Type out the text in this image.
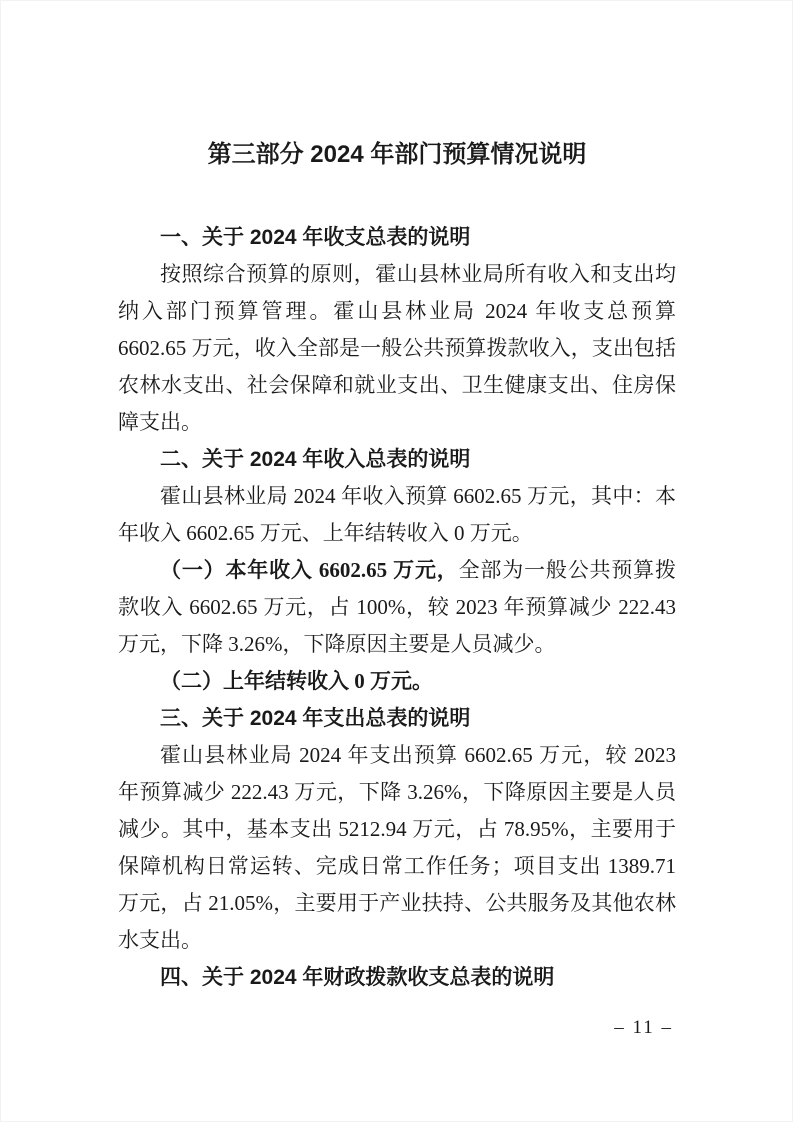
第三部分 2024 年部门预算情况说明
一、关于 2024 年收支总表的说明

按照综合预算的原则，霍山县林业局所有收入和支出均纳入部门预算管理。霍山县林业局 2024 年收支总预算 6602.65 万元，收入全部是一般公共预算拨款收入，支出包括农林水支出、社会保障和就业支出、卫生健康支出、住房保障支出。

二、关于 2024 年收入总表的说明

霍山县林业局 2024 年收入预算 6602.65 万元，其中：本年收入 6602.65 万元、上年结转收入 0 万元。

（一）本年收入 6602.65 万元，全部为一般公共预算拨款收入 6602.65 万元，占 100%，较 2023 年预算减少 222.43 万元，下降 3.26%，下降原因主要是人员减少。

（二）上年结转收入 0 万元。

三、关于 2024 年支出总表的说明

霍山县林业局 2024 年支出预算 6602.65 万元，较 2023 年预算减少 222.43 万元，下降 3.26%，下降原因主要是人员减少。其中，基本支出 5212.94 万元，占 78.95%，主要用于保障机构日常运转、完成日常工作任务；项目支出 1389.71 万元，占 21.05%，主要用于产业扶持、公共服务及其他农林水支出。

四、关于 2024 年财政拨款收支总表的说明
– 11 –
